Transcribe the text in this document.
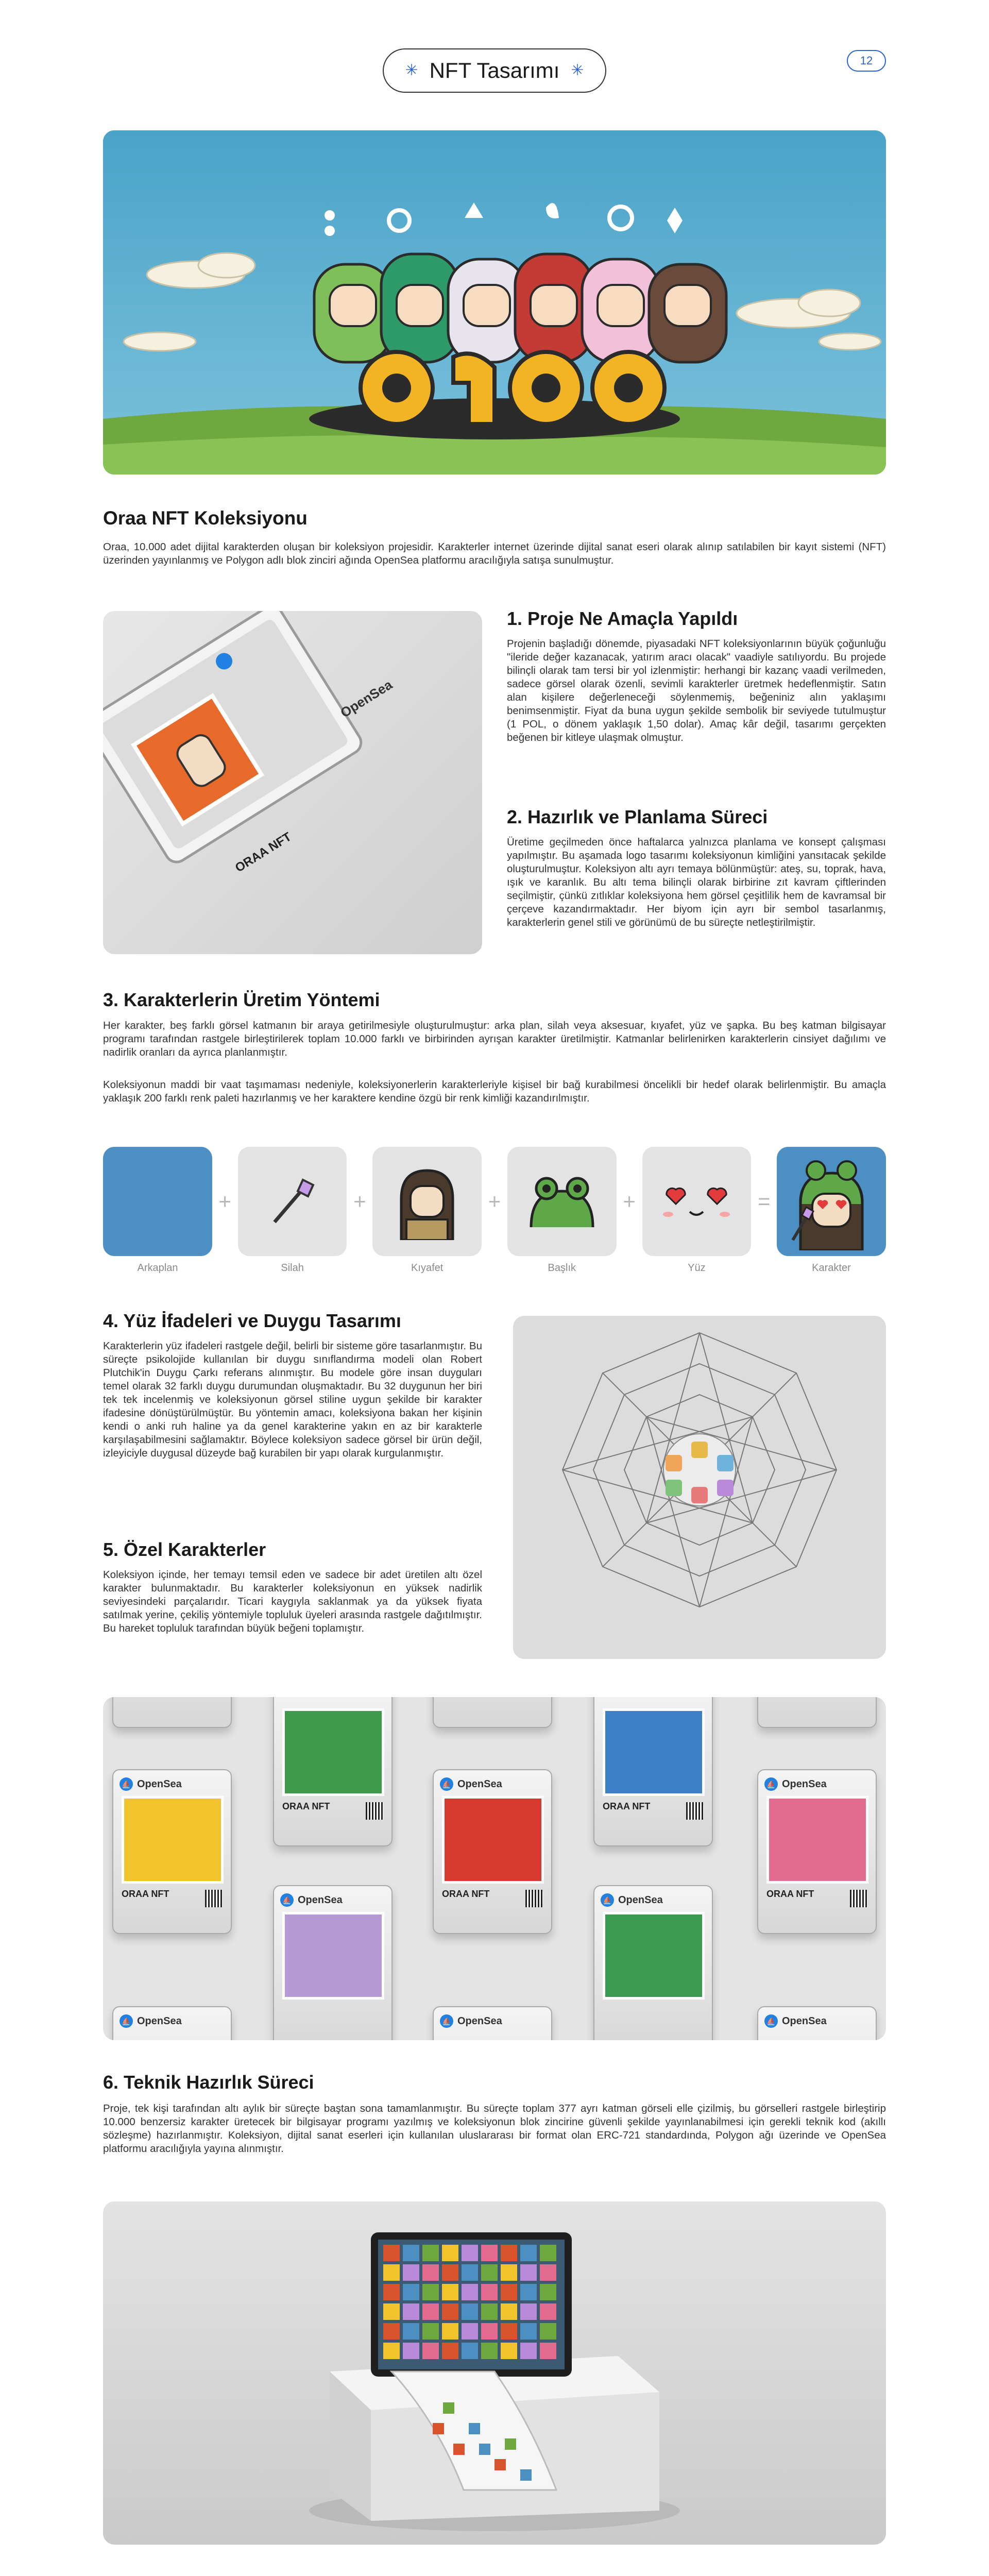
✳ NFT Tasarımı ✳
12
Oraa NFT Koleksiyonu

Oraa, 10.000 adet dijital karakterden oluşan bir koleksiyon projesidir. Karakterler internet üzerinde dijital sanat eseri olarak alınıp satılabilen bir kayıt sistemi (NFT) üzerinden yayınlanmış ve Polygon adlı blok zinciri ağında OpenSea platformu aracılığıyla satışa sunulmuştur.

OpenSea
ORAA NFT
1. Proje Ne Amaçla Yapıldı

Projenin başladığı dönemde, piyasadaki NFT koleksiyonlarının büyük çoğunluğu "ileride değer kazanacak, yatırım aracı olacak" vaadiyle satılıyordu. Bu projede bilinçli olarak tam tersi bir yol izlenmiştir: herhangi bir kazanç vaadi verilmeden, sadece görsel olarak özenli, sevimli karakterler üretmek hedeflenmiştir. Satın alan kişilere değerleneceği söylenmemiş, beğeniniz alın yaklaşımı benimsenmiştir. Fiyat da buna uygun şekilde sembolik bir seviyede tutulmuştur (1 POL, o dönem yaklaşık 1,50 dolar). Amaç kâr değil, tasarımı gerçekten beğenen bir kitleye ulaşmak olmuştur.

2. Hazırlık ve Planlama Süreci

Üretime geçilmeden önce haftalarca yalnızca planlama ve konsept çalışması yapılmıştır. Bu aşamada logo tasarımı koleksiyonun kimliğini yansıtacak şekilde oluşturulmuştur. Koleksiyon altı ayrı temaya bölünmüştür: ateş, su, toprak, hava, ışık ve karanlık. Bu altı tema bilinçli olarak birbirine zıt kavram çiftlerinden seçilmiştir, çünkü zıtlıklar koleksiyona hem görsel çeşitlilik hem de kavramsal bir çerçeve kazandırmaktadır. Her biyom için ayrı bir sembol tasarlanmış, karakterlerin genel stili ve görünümü de bu süreçte netleştirilmiştir.

3. Karakterlerin Üretim Yöntemi

Her karakter, beş farklı görsel katmanın bir araya getirilmesiyle oluşturulmuştur: arka plan, silah veya aksesuar, kıyafet, yüz ve şapka. Bu beş katman bilgisayar programı tarafından rastgele birleştirilerek toplam 10.000 farklı ve birbirinden ayrışan karakter üretilmiştir. Katmanlar belirlenirken karakterlerin cinsiyet dağılımı ve nadirlik oranları da ayrıca planlanmıştır.

Koleksiyonun maddi bir vaat taşımaması nedeniyle, koleksiyonerlerin karakterleriyle kişisel bir bağ kurabilmesi öncelikli bir hedef olarak belirlenmiştir. Bu amaçla yaklaşık 200 farklı renk paleti hazırlanmış ve her karaktere kendine özgü bir renk kimliği kazandırılmıştır.

+	+	+	+	=
Arkaplan	Silah	Kıyafet	Başlık	Yüz	Karakter
4. Yüz İfadeleri ve Duygu Tasarımı

Karakterlerin yüz ifadeleri rastgele değil, belirli bir sisteme göre tasarlanmıştır. Bu süreçte psikolojide kullanılan bir duygu sınıflandırma modeli olan Robert Plutchik'in Duygu Çarkı referans alınmıştır. Bu modele göre insan duyguları temel olarak 32 farklı duygu durumundan oluşmaktadır. Bu 32 duygunun her biri tek tek incelenmiş ve koleksiyonun görsel stiline uygun şekilde bir karakter ifadesine dönüştürülmüştür. Bu yöntemin amacı, koleksiyona bakan her kişinin kendi o anki ruh haline ya da genel karakterine yakın en az bir karakterle karşılaşabilmesini sağlamaktır. Böylece koleksiyon sadece görsel bir ürün değil, izleyiciyle duygusal düzeyde bağ kurabilen bir yapı olarak kurgulanmıştır.

5. Özel Karakterler

Koleksiyon içinde, her temayı temsil eden ve sadece bir adet üretilen altı özel karakter bulunmaktadır. Bu karakterler koleksiyonun en yüksek nadirlik seviyesindeki parçalarıdır. Ticari kaygıyla saklanmak ya da yüksek fiyata satılmak yerine, çekiliş yöntemiyle topluluk üyeleri arasında rastgele dağıtılmıştır. Bu hareket topluluk tarafından büyük beğeni toplamıştır.

⛵ OpenSea
ORAA NFT
⛵ OpenSea
ORAA NFT
⛵ OpenSea
⛵ OpenSea
ORAA NFT
⛵ OpenSea
ORAA NFT
⛵ OpenSea
⛵ OpenSea
ORAA NFT
⛵ OpenSea
6. Teknik Hazırlık Süreci

Proje, tek kişi tarafından altı aylık bir süreçte baştan sona tamamlanmıştır. Bu süreçte toplam 377 ayrı katman görseli elle çizilmiş, bu görselleri rastgele birleştirip 10.000 benzersiz karakter üretecek bir bilgisayar programı yazılmış ve koleksiyonun blok zincirine güvenli şekilde yayınlanabilmesi için gerekli teknik kod (akıllı sözleşme) hazırlanmıştır. Koleksiyon, dijital sanat eserleri için kullanılan uluslararası bir format olan ERC-721 standardında, Polygon ağı üzerinde ve OpenSea platformu aracılığıyla yayına alınmıştır.
